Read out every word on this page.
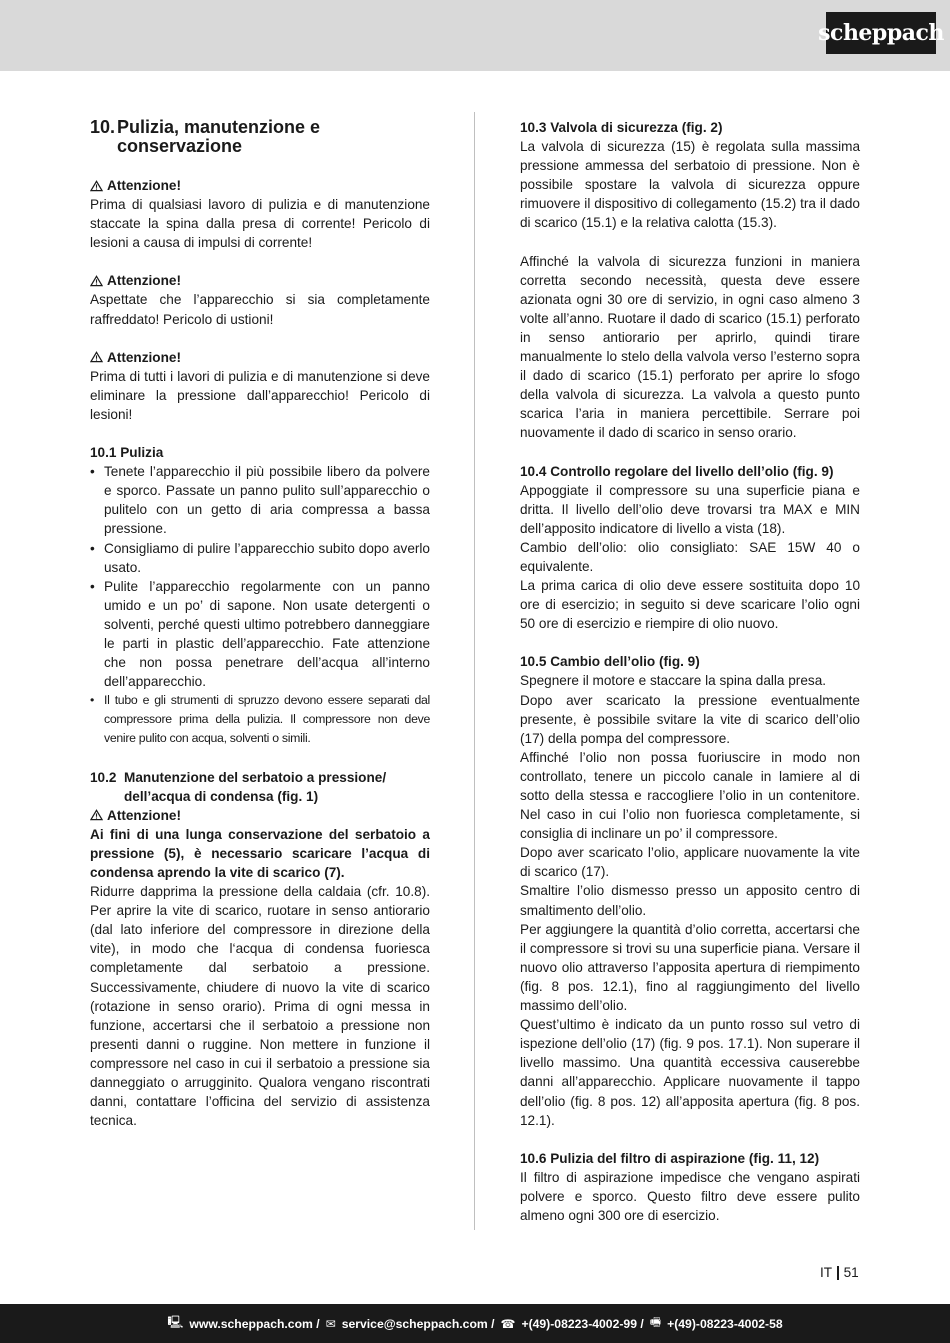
scheppach
10. Pulizia, manutenzione e conservazione
Attenzione!

Prima di qualsiasi lavoro di pulizia e di manutenzione staccate la spina dalla presa di corrente! Pericolo di lesioni a causa di impulsi di corrente!

Attenzione!

Aspettate che l’apparecchio si sia completamente raffreddato! Pericolo di ustioni!

Attenzione!

Prima di tutti i lavori di pulizia e di manutenzione si deve eliminare la pressione dall’apparecchio! Pericolo di lesioni!

10.1 Pulizia
• Tenete l’apparecchio il più possibile libero da polvere e sporco. Passate un panno pulito sull’apparecchio o pulitelo con un getto di aria compressa a bassa pressione.
• Consigliamo di pulire l’apparecchio subito dopo averlo usato.
• Pulite l’apparecchio regolarmente con un panno umido e un po’ di sapone. Non usate detergenti o solventi, perché questi ultimo potrebbero danneggiare le parti in plastic dell’apparecchio. Fate attenzione che non possa penetrare dell’acqua all’interno dell’apparecchio.
• Il tubo e gli strumenti di spruzzo devono essere separati dal compressore prima della pulizia. Il compressore non deve venire pulito con acqua, solventi o simili.
10.2 Manutenzione del serbatoio a pressione/ dell’acqua di condensa (fig. 1)
Attenzione!

Ai fini di una lunga conservazione del serbatoio a pressione (5), è necessario scaricare l’acqua di condensa aprendo la vite di scarico (7).

Ridurre dapprima la pressione della caldaia (cfr. 10.8). Per aprire la vite di scarico, ruotare in senso antiorario (dal lato inferiore del compressore in direzione della vite), in modo che l‘acqua di condensa fuoriesca completamente dal serbatoio a pressione. Successivamente, chiudere di nuovo la vite di scarico (rotazione in senso orario). Prima di ogni messa in funzione, accertarsi che il serbatoio a pressione non presenti danni o ruggine. Non mettere in funzione il compressore nel caso in cui il serbatoio a pressione sia danneggiato o arrugginito. Qualora vengano riscontrati danni, contattare l’officina del servizio di assistenza tecnica.

10.3 Valvola di sicurezza (fig. 2)

La valvola di sicurezza (15) è regolata sulla massima pressione ammessa del serbatoio di pressione. Non è possibile spostare la valvola di sicurezza oppure rimuovere il dispositivo di collegamento (15.2) tra il dado di scarico (15.1) e la relativa calotta (15.3).

Affinché la valvola di sicurezza funzioni in maniera corretta secondo necessità, questa deve essere azionata ogni 30 ore di servizio, in ogni caso almeno 3 volte all’anno. Ruotare il dado di scarico (15.1) perforato in senso antiorario per aprirlo, quindi tirare manualmente lo stelo della valvola verso l’esterno sopra il dado di scarico (15.1) perforato per aprire lo sfogo della valvola di sicurezza. La valvola a questo punto scarica l’aria in maniera percettibile. Serrare poi nuovamente il dado di scarico in senso orario.

10.4 Controllo regolare del livello dell’olio (fig. 9)

Appoggiate il compressore su una superficie piana e dritta. Il livello dell’olio deve trovarsi tra MAX e MIN dell’apposito indicatore di livello a vista (18).

Cambio dell’olio: olio consigliato: SAE 15W 40 o equivalente.

La prima carica di olio deve essere sostituita dopo 10 ore di esercizio; in seguito si deve scaricare l’olio ogni 50 ore di esercizio e riempire di olio nuovo.

10.5 Cambio dell’olio (fig. 9)

Spegnere il motore e staccare la spina dalla presa.

Dopo aver scaricato la pressione eventualmente presente, è possibile svitare la vite di scarico dell’olio (17) della pompa del compressore.

Affinché l’olio non possa fuoriuscire in modo non controllato, tenere un piccolo canale in lamiere al di sotto della stessa e raccogliere l’olio in un contenitore. Nel caso in cui l’olio non fuoriesca completamente, si consiglia di inclinare un po’ il compressore.

Dopo aver scaricato l’olio, applicare nuovamente la vite di scarico (17).

Smaltire l’olio dismesso presso un apposito centro di smaltimento dell’olio.

Per aggiungere la quantità d’olio corretta, accertarsi che il compressore si trovi su una superficie piana. Versare il nuovo olio attraverso l’apposita apertura di riempimento (fig. 8 pos. 12.1), fino al raggiungimento del livello massimo dell’olio.

Quest’ultimo è indicato da un punto rosso sul vetro di ispezione dell’olio (17) (fig. 9 pos. 17.1). Non superare il livello massimo. Una quantità eccessiva causerebbe danni all’apparecchio. Applicare nuovamente il tappo dell’olio (fig. 8 pos. 12) all’apposita apertura (fig. 8 pos. 12.1).

10.6 Pulizia del filtro di aspirazione (fig. 11, 12)

Il filtro di aspirazione impedisce che vengano aspirati polvere e sporco. Questo filtro deve essere pulito almeno ogni 300 ore di esercizio.

IT 51
🖳 www.scheppach.com / ✉ service@scheppach.com / ☎ +(49)-08223-4002-99 / 🖷 +(49)-08223-4002-58
